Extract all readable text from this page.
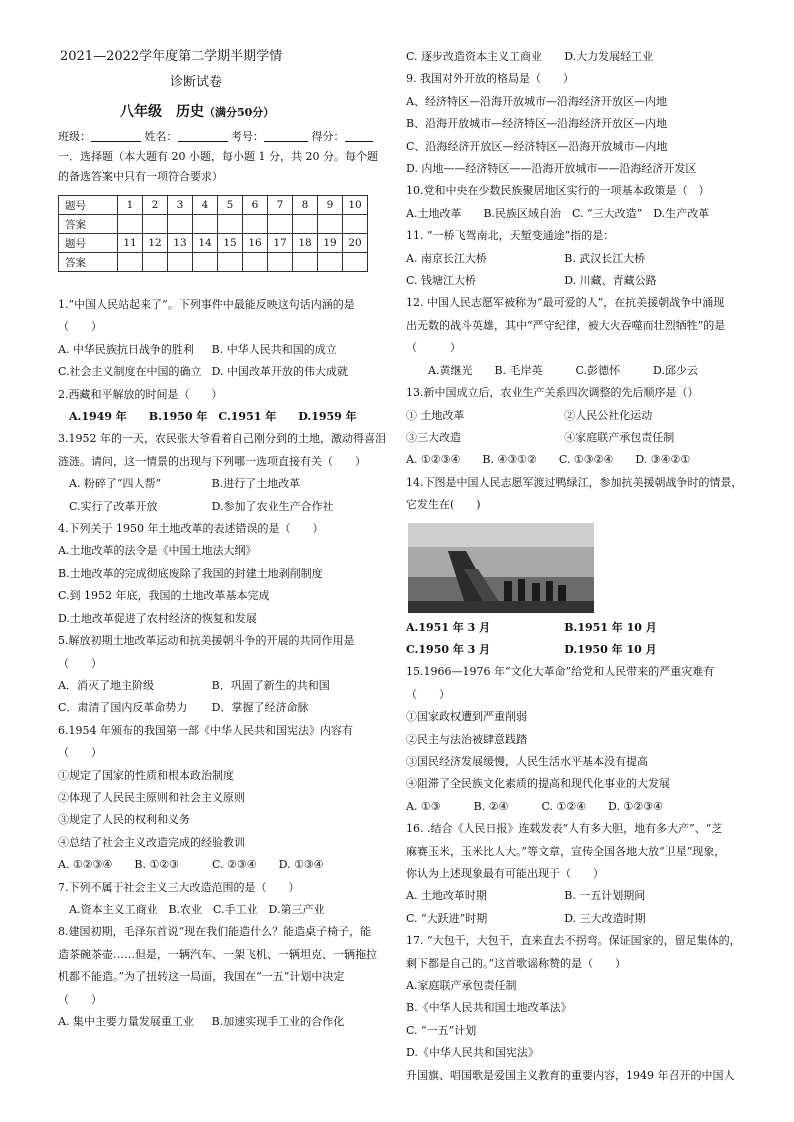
2021—2022学年度第二学期半期学情
诊断试卷
八年级　历史（满分50分）
班级：	姓名：	考号：	得分：
一．选择题（本大题有 20 小题，每小题 1 分，共 20 分。每个题
的备选答案中只有一项符合要求）
题号	1	2	3	4	5	6	7	8	9	10
答案										
题号	11	12	13	14	15	16	17	18	19	20
答案										
1.“中国人民站起来了”。下列事件中最能反映这句话内涵的是
（　　）
A. 中华民族抗日战争的胜利	B. 中华人民共和国的成立
C.社会主义制度在中国的确立 D. 中国改革开放的伟大成就
2.西藏和平解放的时间是（　　）
　A.1949 年　　B.1950 年　C.1951 年　　D.1959 年
3.1952 年的一天，农民张大爷看着自己刚分到的土地，激动得喜泪
涟涟。请问，这一情景的出现与下列哪一选项直接有关（　　）
　A. 粉碎了“四人帮”	B.进行了土地改革
　C.实行了改革开放	D.参加了农业生产合作社
4.下列关于 1950 年土地改革的表述错误的是（　　）
A.土地改革的法令是《中国土地法大纲》
B.土地改革的完成彻底废除了我国的封建土地剥削制度
C.到 1952 年底，我国的土地改革基本完成
D.土地改革促进了农村经济的恢复和发展
5.解放初期土地改革运动和抗美援朝斗争的开展的共同作用是
（　　）
A．消灭了地主阶级	B．巩固了新生的共和国
C．肃清了国内反革命势力	D．掌握了经济命脉
6.1954 年颁布的我国第一部《中华人民共和国宪法》内容有
（　　）
①规定了国家的性质和根本政治制度
②体现了人民民主原则和社会主义原则
③规定了人民的权利和义务
④总结了社会主义改造完成的经验教训
A. ①②③④　　B. ①②③　　　C. ②③④　　D. ①③④
7.下列不属于社会主义三大改造范围的是（　　）
　A.资本主义工商业　B.农业　C.手工业　D.第三产业
8.建国初期，毛泽东首说“现在我们能造什么？能造桌子椅子，能
造茶碗茶壶……但是，一辆汽车、一架飞机、一辆坦克、一辆拖拉
机都不能造。”为了扭转这一局面，我国在“一五”计划中决定
（　　）
A. 集中主要力量发展重工业	B.加速实现手工业的合作化
C. 逐步改造资本主义工商业	D.大力发展轻工业
9. 我国对外开放的格局是（　　）
A、经济特区—沿海开放城市—沿海经济开放区—内地
B、沿海开放城市—经济特区—沿海经济开放区—内地
C、沿海经济开放区—经济特区—沿海开放城市—内地
D. 内地——经济特区——沿海开放城市——沿海经济开发区
10.党和中央在少数民族聚居地区实行的一项基本政策是（　）
A.土地改革　　B.民族区域自治　C. “三大改造”　D.生产改革
11. “一桥飞驾南北，天堑变通途”指的是：
A. 南京长江大桥	B. 武汉长江大桥
C. 钱塘江大桥	D. 川藏、青藏公路
12. 中国人民志愿军被称为“最可爱的人”，在抗美援朝战争中涌现
出无数的战斗英雄，其中“严守纪律，被大火吞噬而壮烈牺牲”的是
（　　　）
　　A.黄继光　　B. 毛岸英　　　C.彭德怀　　　D.邱少云
13.新中国成立后，农业生产关系四次调整的先后顺序是（）
① 土地改革	②人民公社化运动
③三大改造	④家庭联产承包责任制
A. ①②③④　　B. ④③①②　　C. ①③②④　　D. ③④②①
14.下图是中国人民志愿军渡过鸭绿江，参加抗美援朝战争时的情景，
它发生在(　　)
A.1951 年 3 月	B.1951 年 10 月
C.1950 年 3 月	D.1950 年 10 月
15.1966—1976 年“文化大革命”给党和人民带来的严重灾难有
（　　）
①国家政权遭到严重削弱
②民主与法治被肆意践踏
③国民经济发展缓慢，人民生活水平基本没有提高
④阻滞了全民族文化素质的提高和现代化事业的大发展
A. ①③　　　B. ②④　　　C. ①②④　　D. ①②③④
16. .结合《人民日报》连载发表“人有多大胆，地有多大产”、“芝
麻赛玉米，玉米比人大。”等文章，宣传全国各地大放“卫星”现象，
你认为上述现象最有可能出现于（　　）
A. 土地改革时期	B. 一五计划期间
C. “大跃进”时期	D. 三大改造时期
17. “大包干，大包干，直来直去不拐弯。保证国家的，留足集体的，
剩下都是自己的。”这首歌谣称赞的是（　　）
A.家庭联产承包责任制
B.《中华人民共和国土地改革法》
C. “一五”计划
D.《中华人民共和国宪法》
升国旗、唱国歌是爱国主义教育的重要内容，1949 年召开的中国人
